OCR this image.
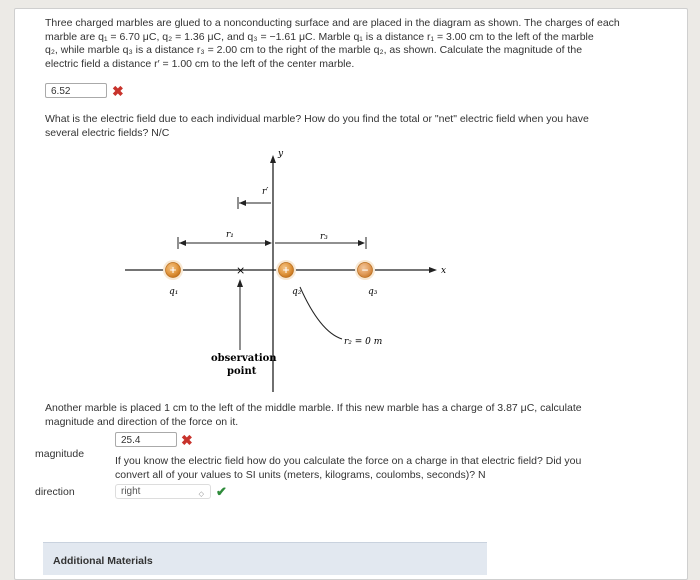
Three charged marbles are glued to a nonconducting surface and are placed in the diagram as shown. The charges of each
marble are q₁ = 6.70 μC, q₂ = 1.36 μC, and q₃ = −1.61 μC. Marble q₁ is a distance r₁ = 3.00 cm to the left of the marble
q₂, while marble q₃ is a distance r₃ = 2.00 cm to the right of the marble q₂, as shown. Calculate the magnitude of the
electric field a distance r′ = 1.00 cm to the left of the center marble.
6.52	✖
What is the electric field due to each individual marble? How do you find the total or "net" electric field when you have
several electric fields? N/C
y
x
r′
r₁	r₃
×
observation
point
+
q₁
+
q₂
−
q₃
r₂ = 0 m
Another marble is placed 1 cm to the left of the middle marble. If this new marble has a charge of 3.87 μC, calculate
magnitude and direction of the force on it.
magnitude
25.4	✖
If you know the electric field how do you calculate the force on a charge in that electric field? Did you
convert all of your values to SI units (meters, kilograms, coulombs, seconds)? N
direction	right	◇ ✔
Additional Materials
